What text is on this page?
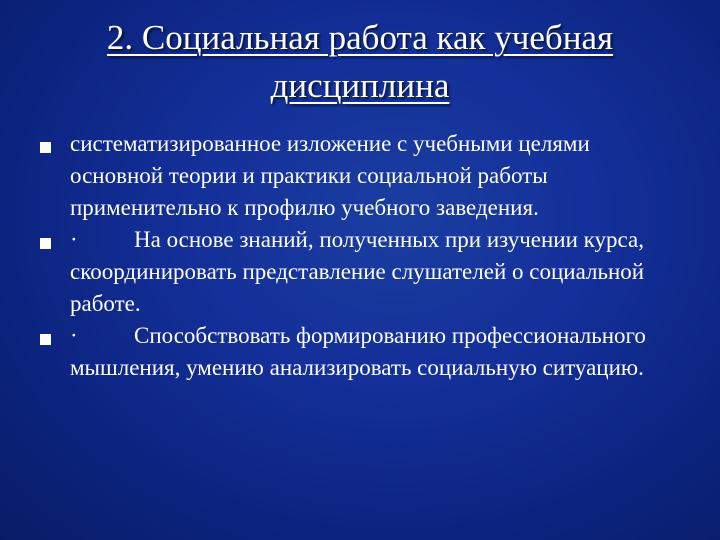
2. Социальная работа как учебная
дисциплина
систематизированное изложение с учебными целями основной теории и практики социальной работы применительно к профилю учебного заведения.
· На основе знаний, полученных при изучении курса, скоординировать представление слушателей о социальной работе.
· Способствовать формированию профессионального мышления, умению анализировать социальную ситуацию.
